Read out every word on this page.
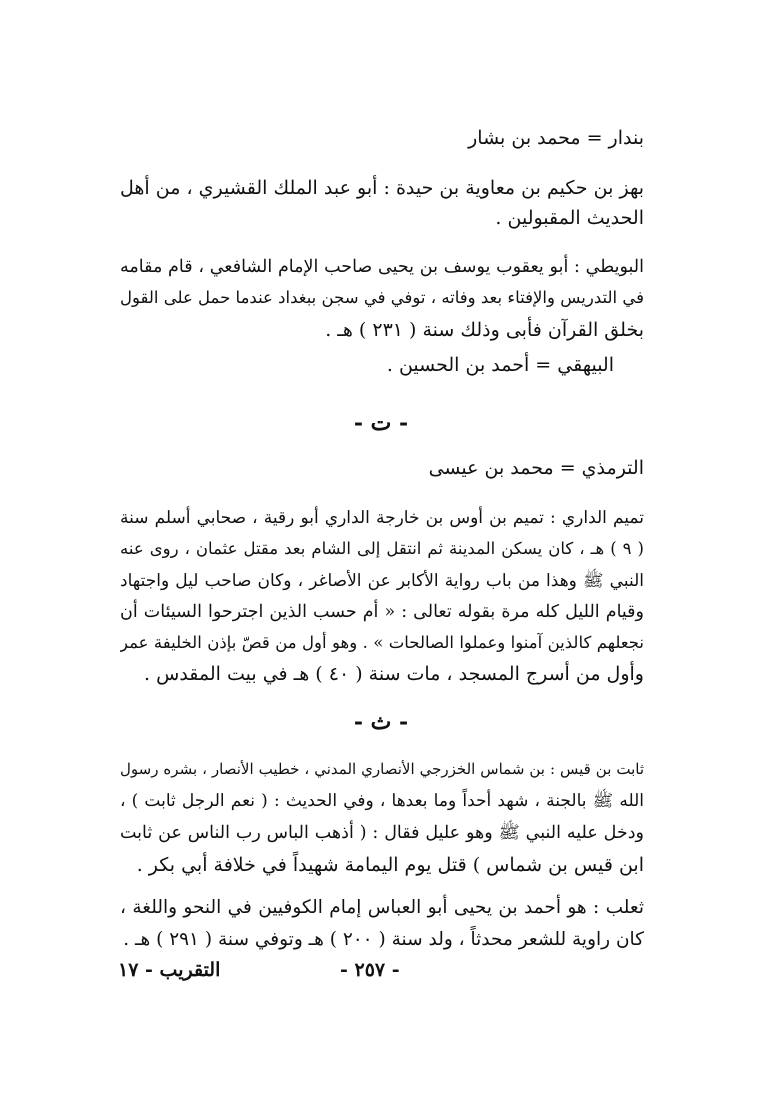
بندار = محمد بن بشار
بهز بن حكيم بن معاوية بن حيدة : أبو عبد الملك القشيري ، من أهل
الحديث المقبولين .
البويطي : أبو يعقوب يوسف بن يحيى صاحب الإمام الشافعي ، قام مقامه
في التدريس والإفتاء بعد وفاته ، توفي في سجن ببغداد عندما حمل على القول
بخلق القرآن فأبى وذلك سنة ( ٢٣١ ) هـ .
البيهقي = أحمد بن الحسين .
- ت -
الترمذي = محمد بن عيسى
تميم الداري : تميم بن أوس بن خارجة الداري أبو رقية ، صحابي أسلم سنة
( ٩ ) هـ ، كان يسكن المدينة ثم انتقل إلى الشام بعد مقتل عثمان ، روى عنه
النبي ﷺ وهذا من باب رواية الأكابر عن الأصاغر ، وكان صاحب ليل واجتهاد
وقيام الليل كله مرة بقوله تعالى : « أم حسب الذين اجترحوا السيئات أن
نجعلهم كالذين آمنوا وعملوا الصالحات » . وهو أول من قصّ بإذن الخليفة عمر
وأول من أسرج المسجد ، مات سنة ( ٤٠ ) هـ في بيت المقدس .
- ث -
ثابت بن قيس : بن شماس الخزرجي الأنصاري المدني ، خطيب الأنصار ، بشره رسول
الله ﷺ بالجنة ، شهد أحداً وما بعدها ، وفي الحديث : ( نعم الرجل ثابت ) ،
ودخل عليه النبي ﷺ وهو عليل فقال : ( أذهب الباس رب الناس عن ثابت
ابن قيس بن شماس ) قتل يوم اليمامة شهيداً في خلافة أبي بكر .
ثعلب : هو أحمد بن يحيى أبو العباس إمام الكوفيين في النحو واللغة ،
كان راوية للشعر محدثاً ، ولد سنة ( ٢٠٠ ) هـ وتوفي سنة ( ٢٩١ ) هـ .
- ٢٥٧ -
التقريب - ١٧
